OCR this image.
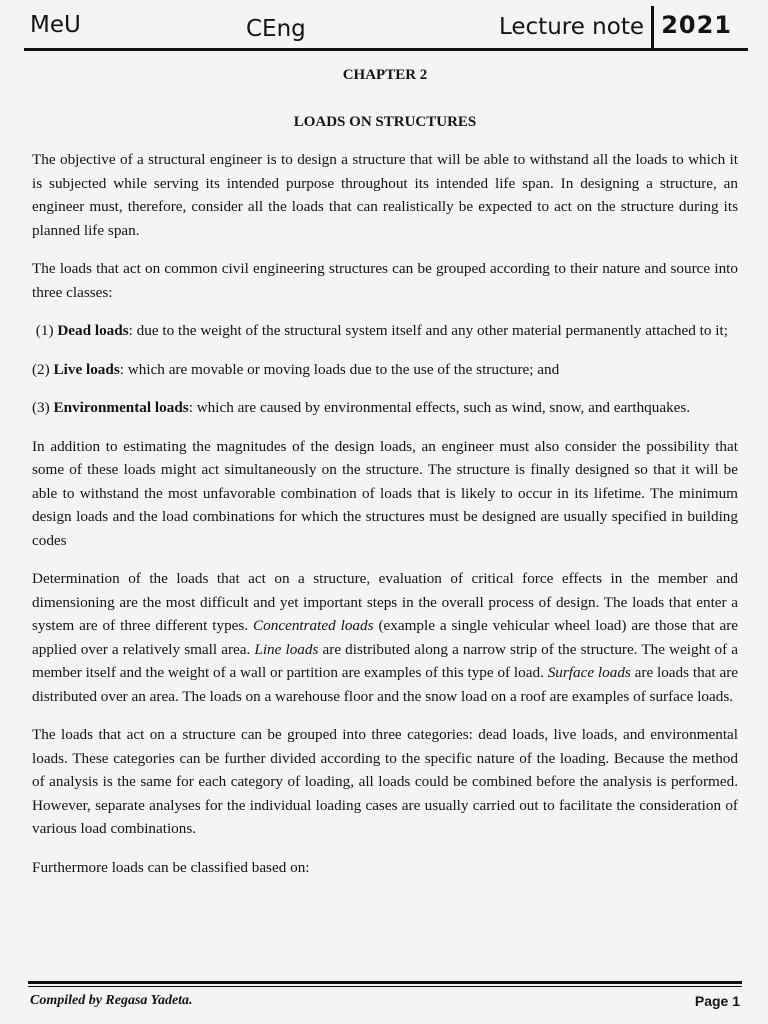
MeU	CEng	Lecture note 2021
CHAPTER 2
LOADS ON STRUCTURES

The objective of a structural engineer is to design a structure that will be able to withstand all the loads to which it is subjected while serving its intended purpose throughout its intended life span. In designing a structure, an engineer must, therefore, consider all the loads that can realistically be expected to act on the structure during its planned life span.

The loads that act on common civil engineering structures can be grouped according to their nature and source into three classes:

(1) Dead loads: due to the weight of the structural system itself and any other material permanently attached to it;

(2) Live loads: which are movable or moving loads due to the use of the structure; and

(3) Environmental loads: which are caused by environmental effects, such as wind, snow, and earthquakes.

In addition to estimating the magnitudes of the design loads, an engineer must also consider the possibility that some of these loads might act simultaneously on the structure. The structure is finally designed so that it will be able to withstand the most unfavorable combination of loads that is likely to occur in its lifetime. The minimum design loads and the load combinations for which the structures must be designed are usually specified in building codes

Determination of the loads that act on a structure, evaluation of critical force effects in the member and dimensioning are the most difficult and yet important steps in the overall process of design. The loads that enter a system are of three different types. Concentrated loads (example a single vehicular wheel load) are those that are applied over a relatively small area. Line loads are distributed along a narrow strip of the structure. The weight of a member itself and the weight of a wall or partition are examples of this type of load. Surface loads are loads that are distributed over an area. The loads on a warehouse floor and the snow load on a roof are examples of surface loads.

The loads that act on a structure can be grouped into three categories: dead loads, live loads, and environmental loads. These categories can be further divided according to the specific nature of the loading. Because the method of analysis is the same for each category of loading, all loads could be combined before the analysis is performed. However, separate analyses for the individual loading cases are usually carried out to facilitate the consideration of various load combinations.

Furthermore loads can be classified based on:

Compiled by Regasa Yadeta.	Page 1
